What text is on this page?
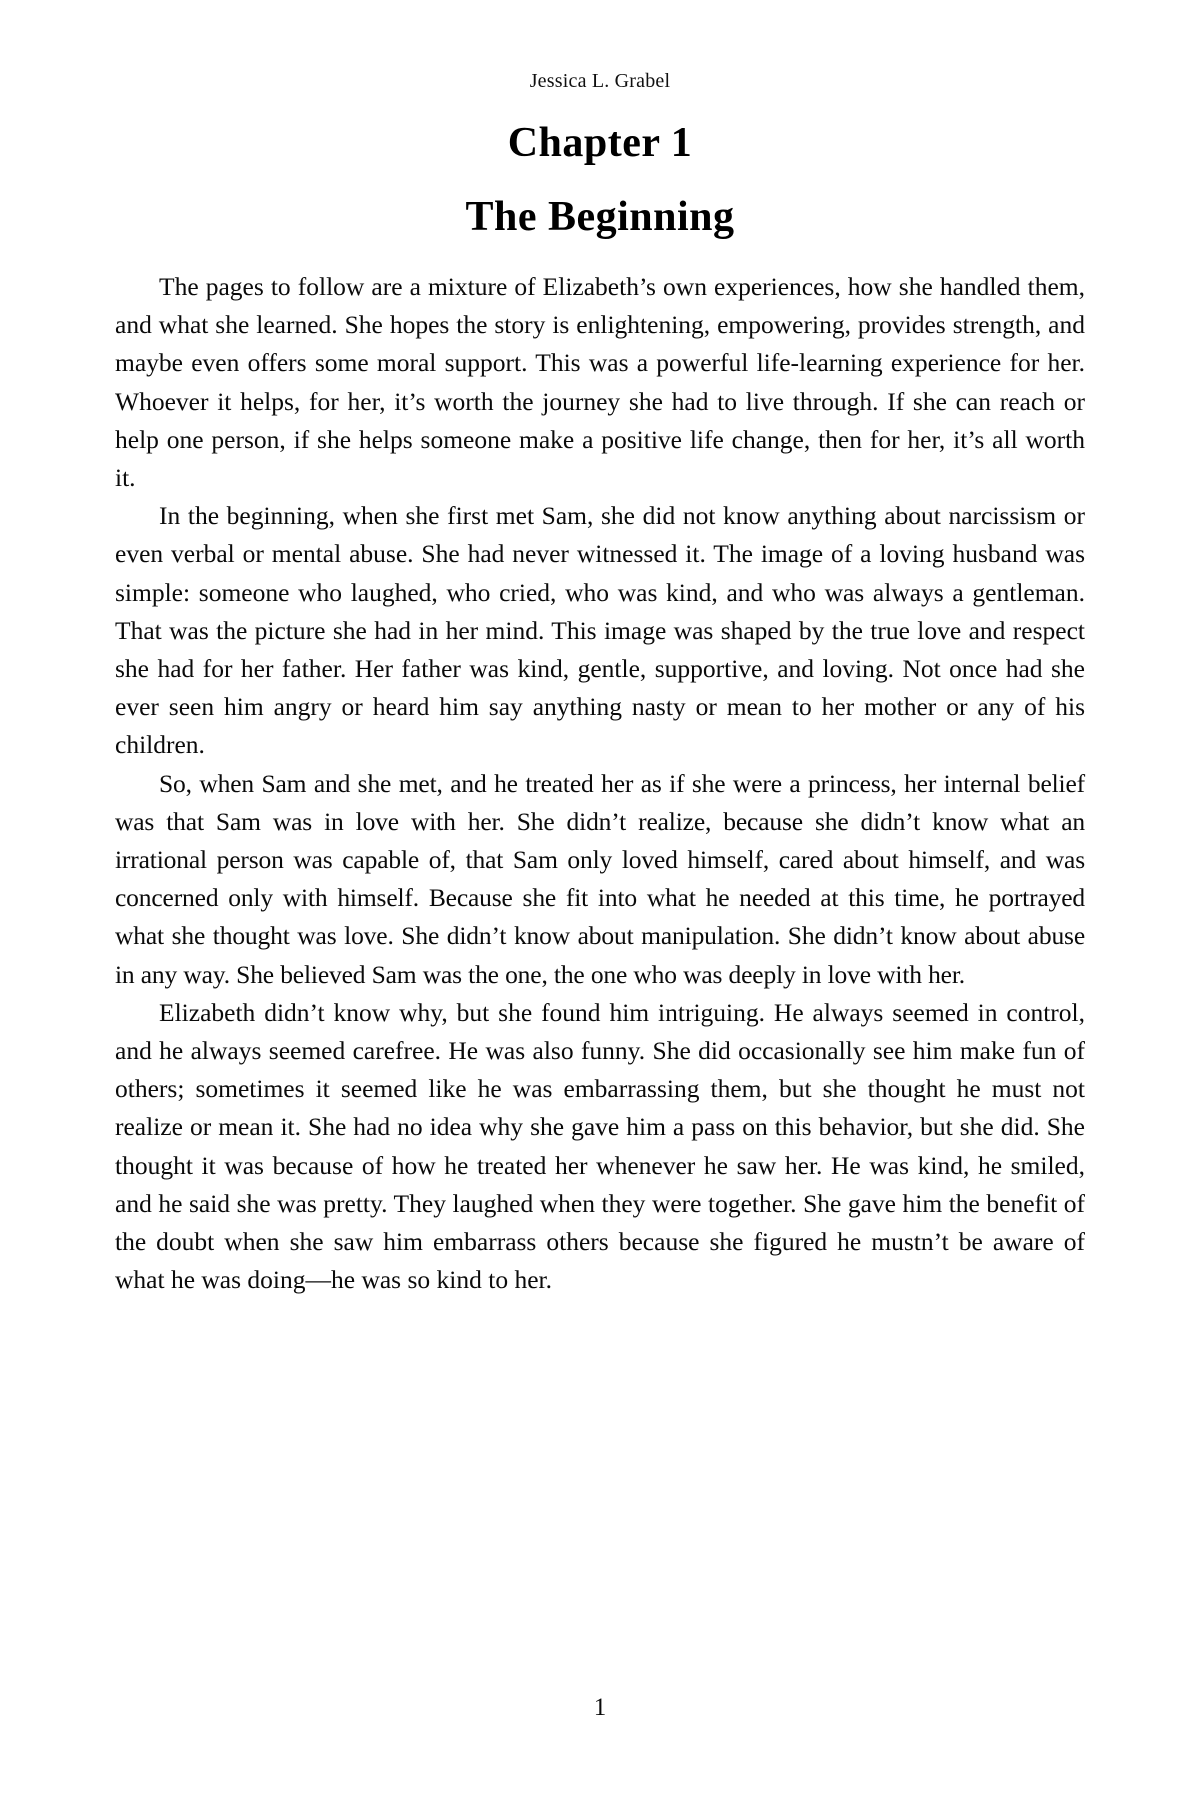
Jessica L. Grabel
Chapter 1
The Beginning

The pages to follow are a mixture of Elizabeth’s own experiences, how she handled them, and what she learned. She hopes the story is enlightening, empowering, provides strength, and maybe even offers some moral support. This was a powerful life-learning experience for her. Whoever it helps, for her, it’s worth the journey she had to live through. If she can reach or help one person, if she helps someone make a positive life change, then for her, it’s all worth it.

In the beginning, when she first met Sam, she did not know anything about narcissism or even verbal or mental abuse. She had never witnessed it. The image of a loving husband was simple: someone who laughed, who cried, who was kind, and who was always a gentleman. That was the picture she had in her mind. This image was shaped by the true love and respect she had for her father. Her father was kind, gentle, supportive, and loving. Not once had she ever seen him angry or heard him say anything nasty or mean to her mother or any of his children.

So, when Sam and she met, and he treated her as if she were a princess, her internal belief was that Sam was in love with her. She didn’t realize, because she didn’t know what an irrational person was capable of, that Sam only loved himself, cared about himself, and was concerned only with himself. Because she fit into what he needed at this time, he portrayed what she thought was love. She didn’t know about manipulation. She didn’t know about abuse in any way. She believed Sam was the one, the one who was deeply in love with her.

Elizabeth didn’t know why, but she found him intriguing. He always seemed in control, and he always seemed carefree. He was also funny. She did occasionally see him make fun of others; sometimes it seemed like he was embarrassing them, but she thought he must not realize or mean it. She had no idea why she gave him a pass on this behavior, but she did. She thought it was because of how he treated her whenever he saw her. He was kind, he smiled, and he said she was pretty. They laughed when they were together. She gave him the benefit of the doubt when she saw him embarrass others because she figured he mustn’t be aware of what he was doing—he was so kind to her.

1
